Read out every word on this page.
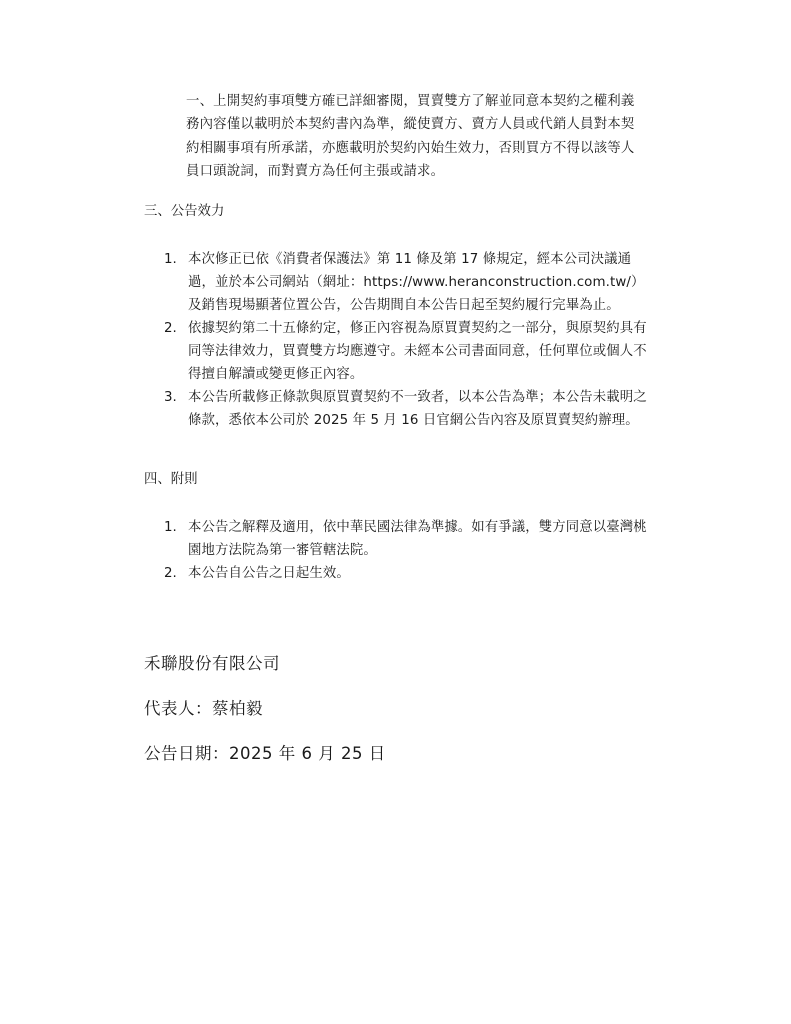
一、上開契約事項雙方確已詳細審閱，買賣雙方了解並同意本契約之權利義務內容僅以載明於本契約書內為準，縱使賣方、賣方人員或代銷人員對本契約相關事項有所承諾，亦應載明於契約內始生效力，否則買方不得以該等人員口頭說詞，而對賣方為任何主張或請求。
三、公告效力
1. 本次修正已依《消費者保護法》第 11 條及第 17 條規定，經本公司決議通過，並於本公司網站（網址：https://www.heranconstruction.com.tw/）及銷售現場顯著位置公告，公告期間自本公告日起至契約履行完畢為止。
2. 依據契約第二十五條約定，修正內容視為原買賣契約之一部分，與原契約具有同等法律效力，買賣雙方均應遵守。未經本公司書面同意，任何單位或個人不得擅自解讀或變更修正內容。
3. 本公告所載修正條款與原買賣契約不一致者，以本公告為準；本公告未載明之條款，悉依本公司於 2025 年 5 月 16 日官網公告內容及原買賣契約辦理。
四、附則
1. 本公告之解釋及適用，依中華民國法律為準據。如有爭議，雙方同意以臺灣桃園地方法院為第一審管轄法院。
2. 本公告自公告之日起生效。
禾聯股份有限公司
代表人：蔡柏毅
公告日期：2025 年 6 月 25 日
